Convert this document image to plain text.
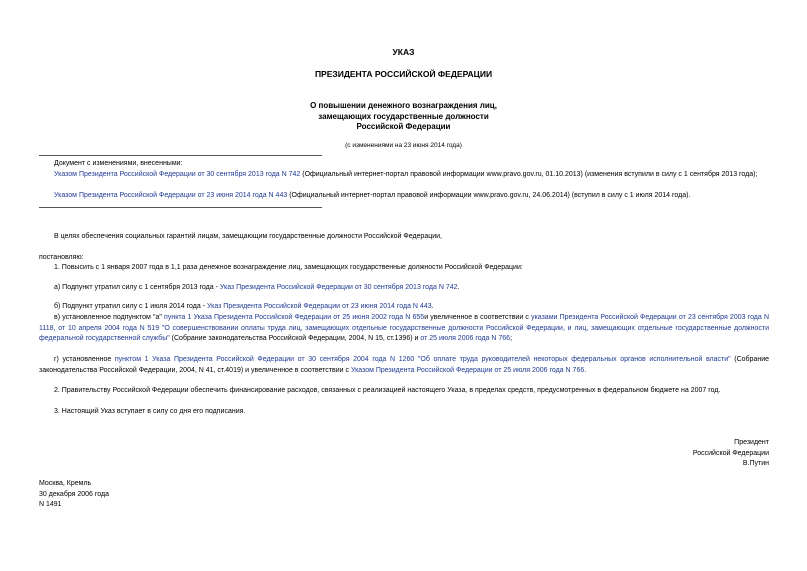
УКАЗ
ПРЕЗИДЕНТА РОССИЙСКОЙ ФЕДЕРАЦИИ
О повышении денежного вознаграждения лиц,
замещающих государственные должности
Российской Федерации
(с изменениями на 23 июня 2014 года)
Документ с изменениями, внесенными:
Указом Президента Российской Федерации от 30 сентября 2013 года N 742 (Официальный интернет-портал правовой информации www.pravo.gov.ru, 01.10.2013) (изменения вступили в силу с 1 сентября 2013 года);
Указом Президента Российской Федерации от 23 июня 2014 года N 443 (Официальный интернет-портал правовой информации www.pravo.gov.ru, 24.06.2014) (вступил в силу с 1 июля 2014 года).
В целях обеспечения социальных гарантий лицам, замещающим государственные должности Российской Федерации,
постановляю:
1. Повысить с 1 января 2007 года в 1,1 раза денежное вознаграждение лиц, замещающих государственные должности Российской Федерации:
а) Подпункт утратил силу с 1 сентября 2013 года - Указ Президента Российской Федерации от 30 сентября 2013 года N 742.
б) Подпункт утратил силу с 1 июля 2014 года - Указ Президента Российской Федерации от 23 июня 2014 года N 443.
в) установленное подпунктом "а" пункта 1 Указа Президента Российской Федерации от 25 июня 2002 года N 655и увеличенное в соответствии с указами Президента Российской Федерации от 23 сентября 2003 года N 1118, от 10 апреля 2004 года N 519 "О совершенствовании оплаты труда лиц, замещающих отдельные государственные должности Российской Федерации, и лиц, замещающих отдельные государственные должности федеральной государственной службы" (Собрание законодательства Российской Федерации, 2004, N 15, ст.1396) и от 25 июля 2006 года N 766;
г) установленное пунктом 1 Указа Президента Российской Федерации от 30 сентября 2004 года N 1260 "Об оплате труда руководителей некоторых федеральных органов исполнительной власти" (Собрание законодательства Российской Федерации, 2004, N 41, ст.4019) и увеличенное в соответствии с Указом Президента Российской Федерации от 25 июля 2006 года N 766.
2. Правительству Российской Федерации обеспечить финансирование расходов, связанных с реализацией настоящего Указа, в пределах средств, предусмотренных в федеральном бюджете на 2007 год.
3. Настоящий Указ вступает в силу со дня его подписания.
Президент
Российской Федерации
В.Путин
Москва, Кремль
30 декабря 2006 года
N 1491
